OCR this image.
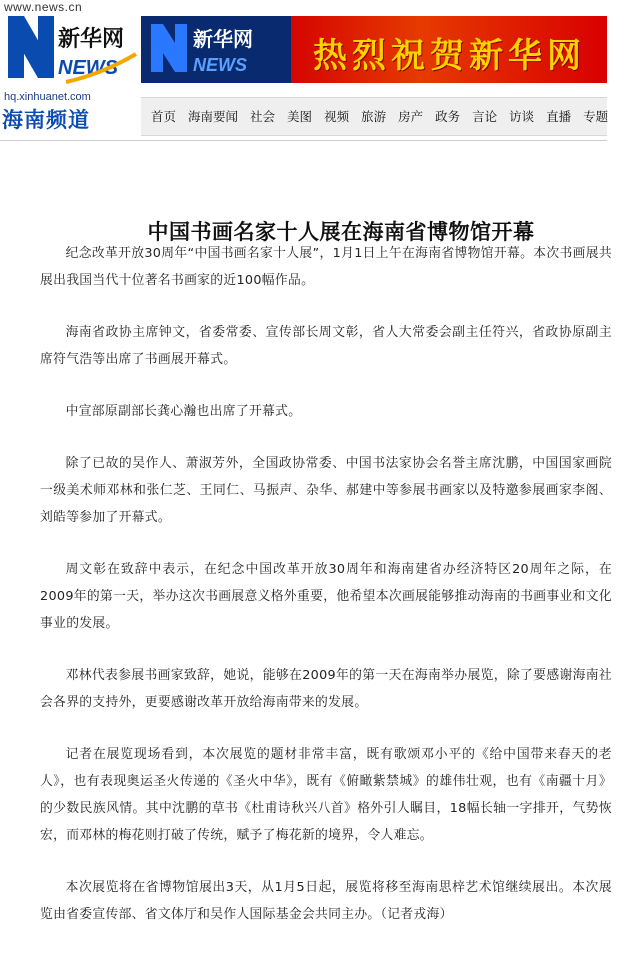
www.news.cn
新华网
NEWS
hq.xinhuanet.com
海南频道
新华网
NEWS 热烈祝贺新华网
首页 海南要闻 社会 美图 视频 旅游 房产 政务 言论 访谈 直播 专题
中国书画名家十人展在海南省博物馆开幕

纪念改革开放30周年“中国书画名家十人展”，1月1日上午在海南省博物馆开幕。本次书画展共展出我国当代十位著名书画家的近100幅作品。

海南省政协主席钟文，省委常委、宣传部长周文彰，省人大常委会副主任符兴，省政协原副主席符气浩等出席了书画展开幕式。

中宣部原副部长龚心瀚也出席了开幕式。

除了已故的吴作人、萧淑芳外，全国政协常委、中国书法家协会名誉主席沈鹏，中国国家画院一级美术师邓林和张仁芝、王同仁、马振声、杂华、郝建中等参展书画家以及特邀参展画家李阁、刘皓等参加了开幕式。

周文彰在致辞中表示，在纪念中国改革开放30周年和海南建省办经济特区20周年之际，在2009年的第一天，举办这次书画展意义格外重要，他希望本次画展能够推动海南的书画事业和文化事业的发展。

邓林代表参展书画家致辞，她说，能够在2009年的第一天在海南举办展览，除了要感谢海南社会各界的支持外，更要感谢改革开放给海南带来的发展。

记者在展览现场看到，本次展览的题材非常丰富，既有歌颂邓小平的《给中国带来春天的老人》，也有表现奥运圣火传递的《圣火中华》，既有《俯瞰紫禁城》的雄伟壮观，也有《南疆十月》的少数民族风情。其中沈鹏的草书《杜甫诗秋兴八首》格外引人瞩目，18幅长轴一字排开，气势恢宏，而邓林的梅花则打破了传统，赋予了梅花新的境界，令人难忘。

本次展览将在省博物馆展出3天，从1月5日起，展览将移至海南思梓艺术馆继续展出。本次展览由省委宣传部、省文体厅和吴作人国际基金会共同主办。（记者戎海）
